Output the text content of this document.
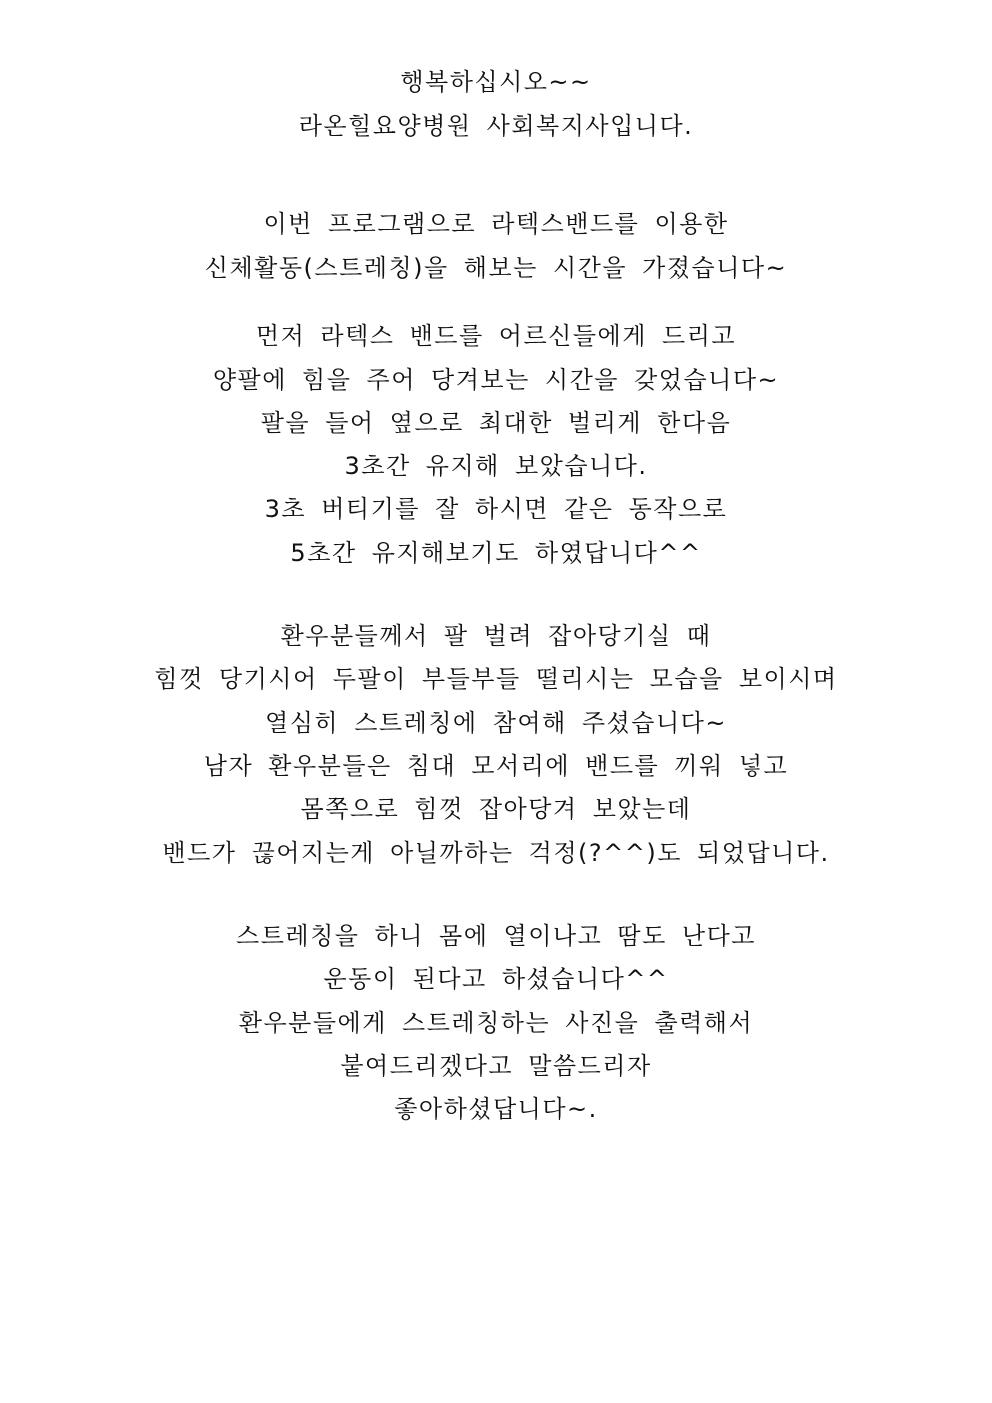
행복하십시오~~
라온힐요양병원 사회복지사입니다.
이번 프로그램으로 라텍스밴드를 이용한
신체활동(스트레칭)을 해보는 시간을 가졌습니다~
먼저 라텍스 밴드를 어르신들에게 드리고
양팔에 힘을 주어 당겨보는 시간을 갖었습니다~
팔을 들어 옆으로 최대한 벌리게 한다음
3초간 유지해 보았습니다.
3초 버티기를 잘 하시면 같은 동작으로
5초간 유지해보기도 하였답니다^^
환우분들께서 팔 벌려 잡아당기실 때
힘껏 당기시어 두팔이 부들부들 떨리시는 모습을 보이시며
열심히 스트레칭에 참여해 주셨습니다~
남자 환우분들은 침대 모서리에 밴드를 끼워 넣고
몸쪽으로 힘껏 잡아당겨 보았는데
밴드가 끊어지는게 아닐까하는 걱정(?^^)도 되었답니다.
스트레칭을 하니 몸에 열이나고 땀도 난다고
운동이 된다고 하셨습니다^^
환우분들에게 스트레칭하는 사진을 출력해서
붙여드리겠다고 말씀드리자
좋아하셨답니다~.
